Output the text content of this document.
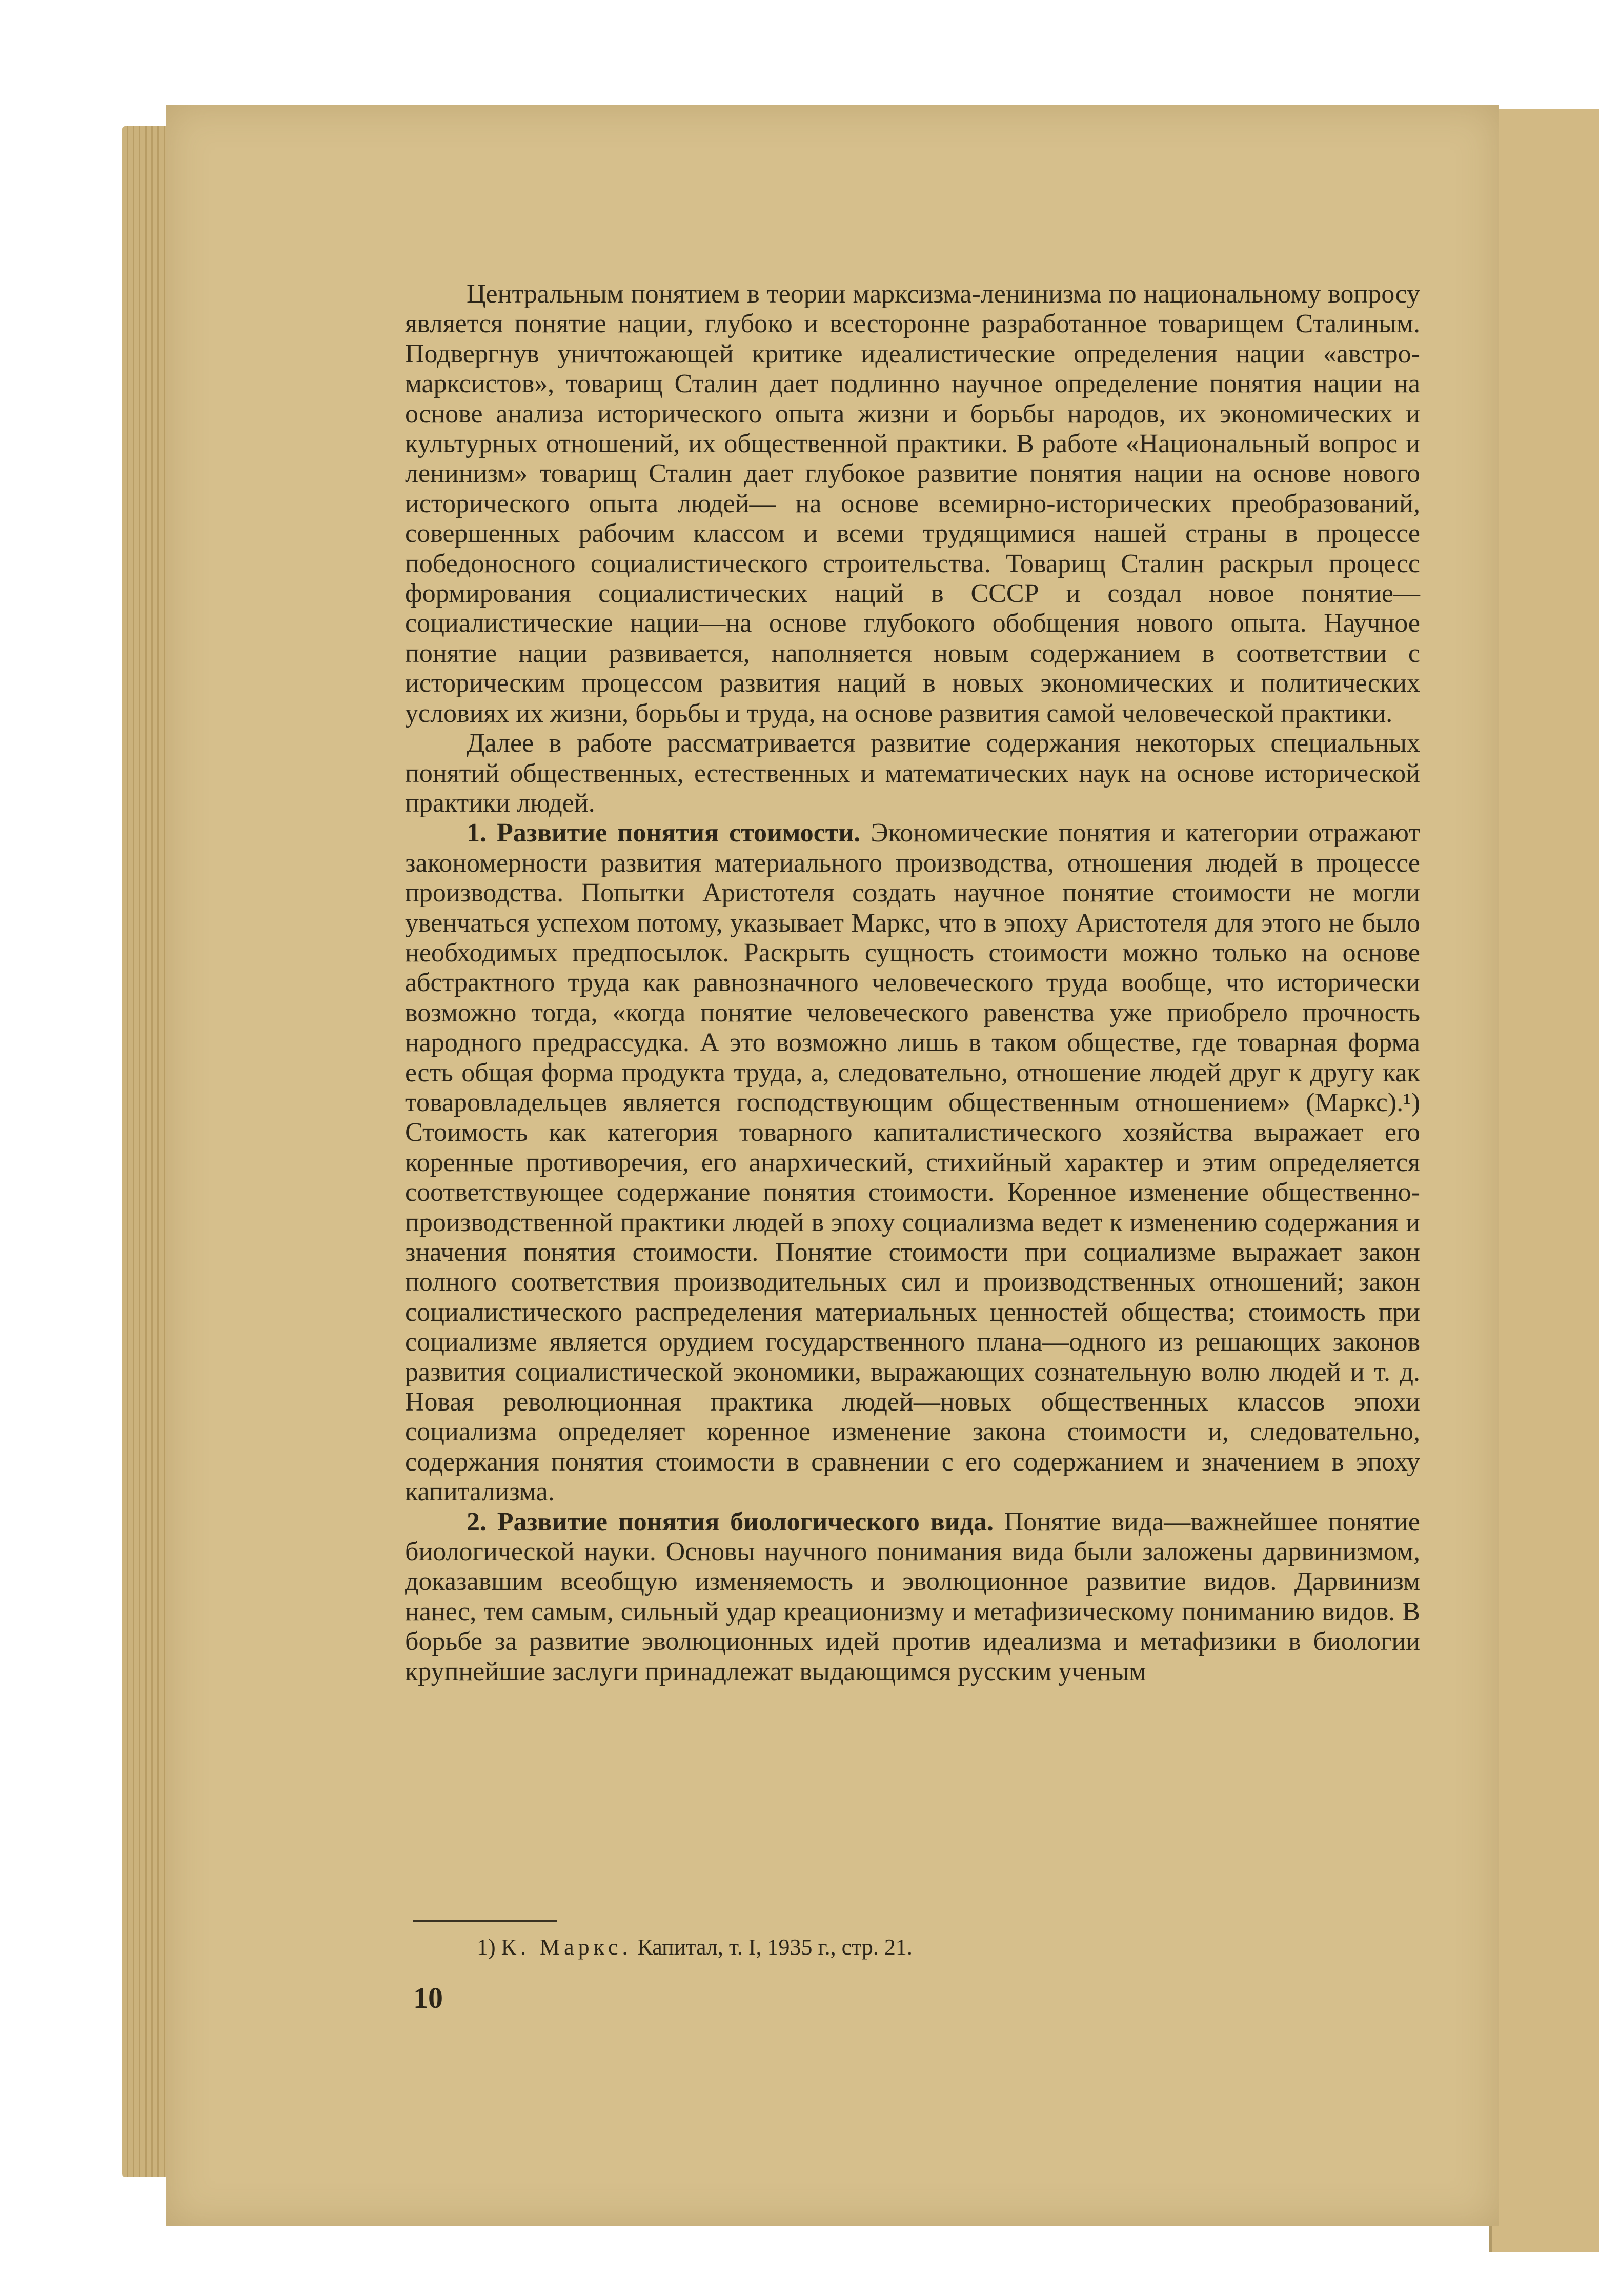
Центральным понятием в теории марксизма-ленинизма по национальному вопросу является понятие нации, глубоко и всесторонне разработанное товарищем Сталиным. Подвергнув уничтожающей критике идеалистические определения нации «австро-марксистов», товарищ Сталин дает подлинно научное определение понятия нации на основе анализа исторического опыта жизни и борьбы народов, их экономических и культурных отношений, их общественной практики. В работе «Национальный вопрос и ленинизм» товарищ Сталин дает глубокое развитие понятия нации на основе нового исторического опыта людей— на основе всемирно-исторических преобразований, совершенных рабочим классом и всеми трудящимися нашей страны в процессе победоносного социалистического строительства. Товарищ Сталин раскрыл процесс формирования социалистических наций в СССР и создал новое понятие—социалистические нации—на основе глубокого обобщения нового опыта. Научное понятие нации развивается, наполняется новым содержанием в соответствии с историческим процессом развития наций в новых экономических и политических условиях их жизни, борьбы и труда, на основе развития самой человеческой практики.

Далее в работе рассматривается развитие содержания некоторых специальных понятий общественных, естественных и математических наук на основе исторической практики людей.

1. Развитие понятия стоимости. Экономические понятия и категории отражают закономерности развития материального производства, отношения людей в процессе производства. Попытки Аристотеля создать научное понятие стоимости не могли увенчаться успехом потому, указывает Маркс, что в эпоху Аристотеля для этого не было необходимых предпосылок. Раскрыть сущность стоимости можно только на основе абстрактного труда как равнозначного человеческого труда вообще, что исторически возможно тогда, «когда понятие человеческого равенства уже приобрело прочность народного предрассудка. А это возможно лишь в таком обществе, где товарная форма есть общая форма продукта труда, а, следовательно, отношение людей друг к другу как товаровладельцев является господствующим общественным отношением» (Маркс).¹) Стоимость как категория товарного капиталистического хозяйства выражает его коренные противоречия, его анархический, стихийный характер и этим определяется соответствующее содержание понятия стоимости. Коренное изменение общественно-производственной практики людей в эпоху социализма ведет к изменению содержания и значения понятия стоимости. Понятие стоимости при социализме выражает закон полного соответствия производительных сил и производственных отношений; закон социалистического распределения материальных ценностей общества; стоимость при социализме является орудием государственного плана—одного из решающих законов развития социалистической экономики, выражающих сознательную волю людей и т. д. Новая революционная практика людей—новых общественных классов эпохи социализма определяет коренное изменение закона стоимости и, следовательно, содержания понятия стоимости в сравнении с его содержанием и значением в эпоху капитализма.

2. Развитие понятия биологического вида. Понятие вида—важнейшее понятие биологической науки. Основы научного понимания вида были заложены дарвинизмом, доказавшим всеобщую изменяемость и эволюционное развитие видов. Дарвинизм нанес, тем самым, сильный удар креационизму и метафизическому пониманию видов. В борьбе за развитие эволюционных идей против идеализма и метафизики в биологии крупнейшие заслуги принадлежат выдающимся русским ученым

1) К. Маркс. Капитал, т. I, 1935 г., стр. 21.
10
